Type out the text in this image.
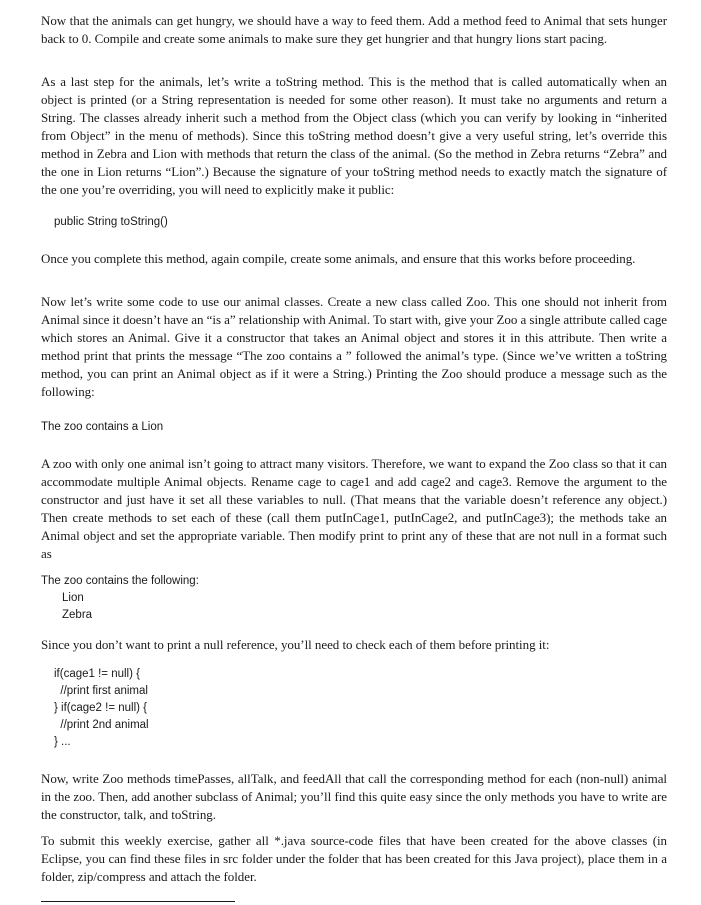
Now that the animals can get hungry, we should have a way to feed them. Add a method feed to Animal that sets hunger back to 0. Compile and create some animals to make sure they get hungrier and that hungry lions start pacing.

As a last step for the animals, let’s write a toString method. This is the method that is called automatically when an object is printed (or a String representation is needed for some other reason). It must take no arguments and return a String. The classes already inherit such a method from the Object class (which you can verify by looking in “inherited from Object” in the menu of methods). Since this toString method doesn’t give a very useful string, let’s override this method in Zebra and Lion with methods that return the class of the animal. (So the method in Zebra returns “Zebra” and the one in Lion returns “Lion”.) Because the signature of your toString method needs to exactly match the signature of the one you’re overriding, you will need to explicitly make it public:

public String toString()

Once you complete this method, again compile, create some animals, and ensure that this works before proceeding.

Now let’s write some code to use our animal classes. Create a new class called Zoo. This one should not inherit from Animal since it doesn’t have an “is a” relationship with Animal. To start with, give your Zoo a single attribute called cage which stores an Animal. Give it a constructor that takes an Animal object and stores it in this attribute. Then write a method print that prints the message “The zoo contains a ” followed the animal’s type. (Since we’ve written a toString method, you can print an Animal object as if it were a String.) Printing the Zoo should produce a message such as the following:

The zoo contains a Lion

A zoo with only one animal isn’t going to attract many visitors. Therefore, we want to expand the Zoo class so that it can accommodate multiple Animal objects. Rename cage to cage1 and add cage2 and cage3. Remove the argument to the constructor and just have it set all these variables to null. (That means that the variable doesn’t reference any object.) Then create methods to set each of these (call them putInCage1, putInCage2, and putInCage3); the methods take an Animal object and set the appropriate variable. Then modify print to print any of these that are not null in a format such as

The zoo contains the following:
Lion
Zebra

Since you don’t want to print a null reference, you’ll need to check each of them before printing it:

if(cage1 != null) {
//print first animal
} if(cage2 != null) {
//print 2nd animal
} ...

Now, write Zoo methods timePasses, allTalk, and feedAll that call the corresponding method for each (non-null) animal in the zoo. Then, add another subclass of Animal; you’ll find this quite easy since the only methods you have to write are the constructor, talk, and toString.

To submit this weekly exercise, gather all *.java source-code files that have been created for the above classes (in Eclipse, you can find these files in src folder under the folder that has been created for this Java project), place them in a folder, zip/compress and attach the folder.
